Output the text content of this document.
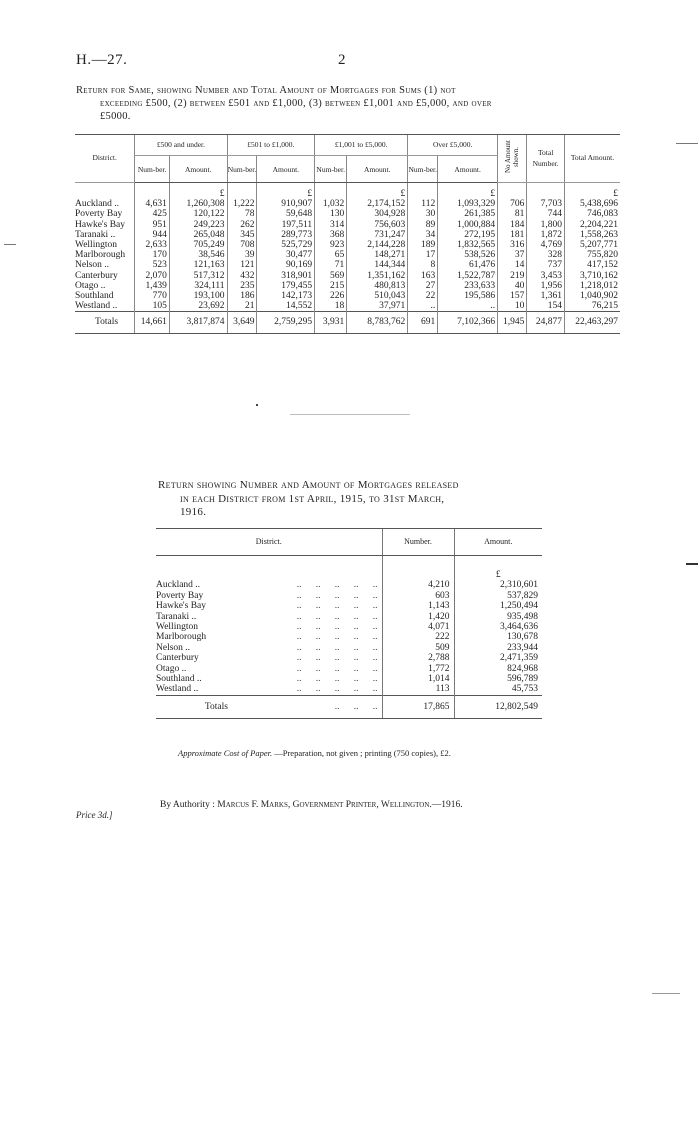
H.—27.	2
Return for Same, showing Number and Total Amount of Mortgages for Sums (1) not
exceeding £500, (2) between £501 and £1,000, (3) between £1,001 and £5,000, and over
£5000.
District.	£500 and under.		£501 to £1,000.		£1,001 to £5,000.		Over £5,000.		No Amount shown.	Total Number.	Total Amount.
	Num-ber.	Amount.	Num-ber.	Amount.	Num-ber.	Amount.	Num-ber.	Amount.			
		£		£		£		£			£
Auckland ..	4,631	1,260,308	1,222	910,907	1,032	2,174,152	112	1,093,329	706	7,703	5,438,696
Poverty Bay	425	120,122	78	59,648	130	304,928	30	261,385	81	744	746,083
Hawke's Bay	951	249,223	262	197,511	314	756,603	89	1,000,884	184	1,800	2,204,221
Taranaki ..	944	265,048	345	289,773	368	731,247	34	272,195	181	1,872	1,558,263
Wellington	2,633	705,249	708	525,729	923	2,144,228	189	1,832,565	316	4,769	5,207,771
Marlborough	170	38,546	39	30,477	65	148,271	17	538,526	37	328	755,820
Nelson ..	523	121,163	121	90,169	71	144,344	8	61,476	14	737	417,152
Canterbury	2,070	517,312	432	318,901	569	1,351,162	163	1,522,787	219	3,453	3,710,162
Otago ..	1,439	324,111	235	179,455	215	480,813	27	233,633	40	1,956	1,218,012
Southland	770	193,100	186	142,173	226	510,043	22	195,586	157	1,361	1,040,902
Westland ..	105	23,692	21	14,552	18	37,971	..	..	10	154	76,215
Totals	14,661	3,817,874	3,649	2,759,295	3,931	8,783,762	691	7,102,366	1,945	24,877	22,463,297
Return showing Number and Amount of Mortgages released
in each District from 1st April, 1915, to 31st March,
1916.
District.		Number.	Amount.
			£
Auckland ..	..      ..      ..      ..      ..	4,210	2,310,601
Poverty Bay	..      ..      ..      ..      ..	603	537,829
Hawke's Bay	..      ..      ..      ..      ..	1,143	1,250,494
Taranaki ..	..      ..      ..      ..      ..	1,420	935,498
Wellington	..      ..      ..      ..      ..	4,071	3,464,636
Marlborough	..      ..      ..      ..      ..	222	130,678
Nelson ..	..      ..      ..      ..      ..	509	233,944
Canterbury	..      ..      ..      ..      ..	2,788	2,471,359
Otago ..	..      ..      ..      ..      ..	1,772	824,968
Southland ..	..      ..      ..      ..      ..	1,014	596,789
Westland ..	..      ..      ..      ..      ..	113	45,753
Totals	..      ..      ..	17,865	12,802,549
Approximate Cost of Paper. —Preparation, not given ; printing (750 copies), £2.
By Authority : Marcus F. Marks, Government Printer, Wellington.—1916.
Price 3d.]
